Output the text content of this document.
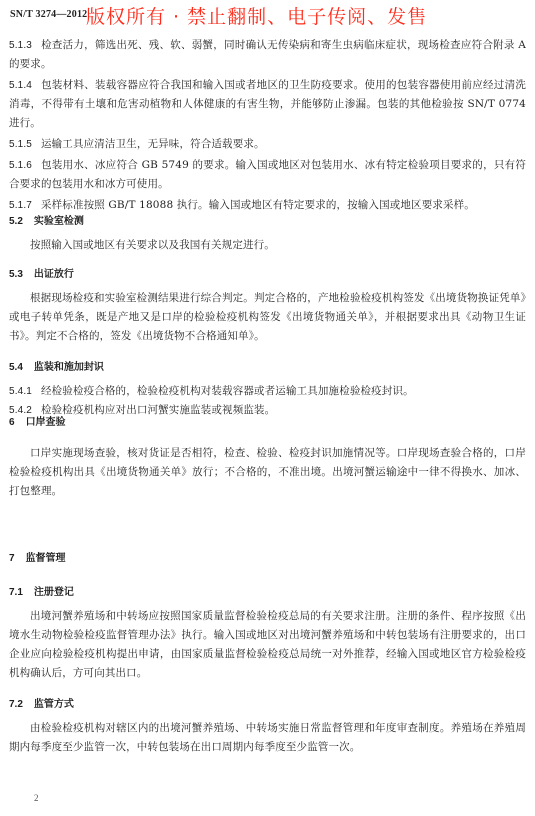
SN/T 3274—2012
版权所有 · 禁止翻制、电子传阅、发售

5.1.3 检查活力，筛选出死、残、软、弱蟹，同时确认无传染病和寄生虫病临床症状，现场检查应符合附录 A 的要求。

5.1.4 包装材料、装载容器应符合我国和输入国或者地区的卫生防疫要求。使用的包装容器使用前应经过清洗消毒，不得带有土壤和危害动植物和人体健康的有害生物，并能够防止渗漏。包装的其他检验按 SN/T 0774 进行。

5.1.5 运输工具应清洁卫生，无异味，符合适载要求。

5.1.6 包装用水、冰应符合 GB 5749 的要求。输入国或地区对包装用水、冰有特定检验项目要求的，只有符合要求的包装用水和冰方可使用。

5.1.7 采样标准按照 GB/T 18088 执行。输入国或地区有特定要求的，按输入国或地区要求采样。

5.2 实验室检测

按照输入国或地区有关要求以及我国有关规定进行。

5.3 出证放行

根据现场检疫和实验室检测结果进行综合判定。判定合格的，产地检验检疫机构签发《出境货物换证凭单》或电子转单凭条，既是产地又是口岸的检验检疫机构签发《出境货物通关单》，并根据要求出具《动物卫生证书》。判定不合格的，签发《出境货物不合格通知单》。

5.4 监装和施加封识

5.4.1 经检验检疫合格的，检验检疫机构对装载容器或者运输工具加施检验检疫封识。

5.4.2 检验检疫机构应对出口河蟹实施监装或视频监装。

6 口岸查验

口岸实施现场查验，核对货证是否相符，检查、检验、检疫封识加施情况等。口岸现场查验合格的，口岸检验检疫机构出具《出境货物通关单》放行；不合格的，不准出境。出境河蟹运输途中一律不得换水、加冰、打包整理。

7 监督管理

7.1 注册登记

出境河蟹养殖场和中转场应按照国家质量监督检验检疫总局的有关要求注册。注册的条件、程序按照《出境水生动物检验检疫监督管理办法》执行。输入国或地区对出境河蟹养殖场和中转包装场有注册要求的，出口企业应向检验检疫机构提出申请，由国家质量监督检验检疫总局统一对外推荐，经输入国或地区官方检验检疫机构确认后，方可向其出口。

7.2 监管方式

由检验检疫机构对辖区内的出境河蟹养殖场、中转场实施日常监督管理和年度审查制度。养殖场在养殖周期内每季度至少监管一次，中转包装场在出口周期内每季度至少监管一次。

2
